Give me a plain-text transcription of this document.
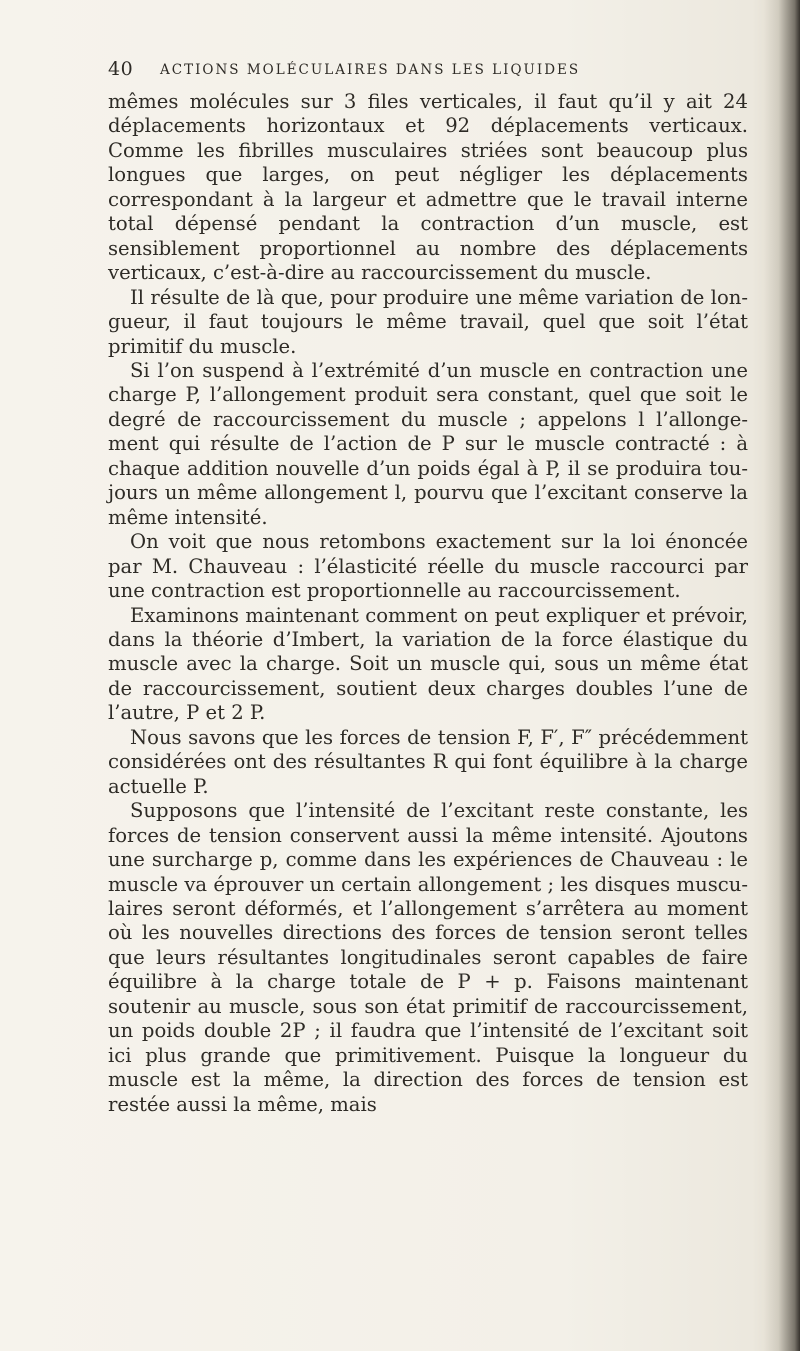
40 ACTIONS MOLÉCULAIRES DANS LES LIQUIDES

mêmes molécules sur 3 files verticales, il faut qu’il y ait 24 déplacements horizontaux et 92 déplacements verticaux. Comme les fibrilles musculaires striées sont beaucoup plus longues que larges, on peut négliger les déplacements correspondant à la largeur et admettre que le travail interne total dépensé pendant la contraction d’un muscle, est sensiblement proportionnel au nombre des déplacements verticaux, c’est-à-dire au raccourcissement du muscle.

Il résulte de là que, pour produire une même variation de longueur, il faut toujours le même travail, quel que soit l’état primitif du muscle.

Si l’on suspend à l’extrémité d’un muscle en contraction une charge P, l’allongement produit sera constant, quel que soit le degré de raccourcissement du muscle ; appelons l l’allongement qui résulte de l’action de P sur le muscle contracté : à chaque addition nouvelle d’un poids égal à P, il se produira toujours un même allongement l, pourvu que l’excitant conserve la même intensité.

On voit que nous retombons exactement sur la loi énoncée par M. Chauveau : l’élasticité réelle du muscle raccourci par une contraction est proportionnelle au raccourcissement.

Examinons maintenant comment on peut expliquer et prévoir, dans la théorie d’Imbert, la variation de la force élastique du muscle avec la charge. Soit un muscle qui, sous un même état de raccourcissement, soutient deux charges doubles l’une de l’autre, P et 2 P.

Nous savons que les forces de tension F, F′, F″ précédemment considérées ont des résultantes R qui font équilibre à la charge actuelle P.

Supposons que l’intensité de l’excitant reste constante, les forces de tension conservent aussi la même intensité. Ajoutons une surcharge p, comme dans les expériences de Chauveau : le muscle va éprouver un certain allongement ; les disques musculaires seront déformés, et l’allongement s’arrêtera au moment où les nouvelles directions des forces de tension seront telles que leurs résultantes longitudinales seront capables de faire équilibre à la charge totale de P + p. Faisons maintenant soutenir au muscle, sous son état primitif de raccourcissement, un poids double 2P ; il faudra que l’intensité de l’excitant soit ici plus grande que primitivement. Puisque la longueur du muscle est la même, la direction des forces de tension est restée aussi la même, mais
